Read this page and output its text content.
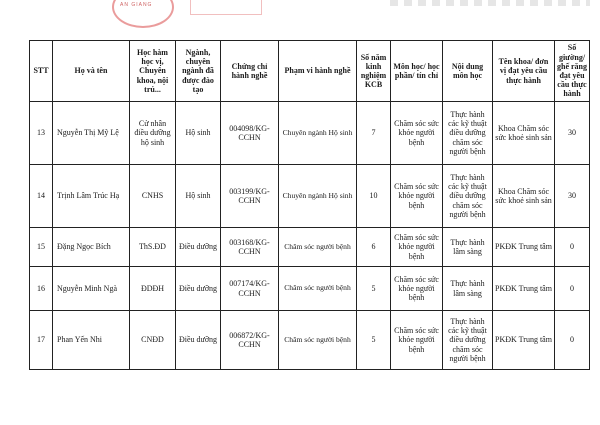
AN GIANG
STT	Họ và tên	Học hàm học vị, Chuyên khoa, nội trú...	Ngành, chuyên ngành đã được đào tạo	Chứng chỉ hành nghề	Phạm vi hành nghề	Số năm kinh nghiệm KCB	Môn học/ học phần/ tín chỉ	Nội dung môn học	Tên khoa/ đơn vị đạt yêu cầu thực hành	Số giường/ ghế răng đạt yêu cầu thực hành
13	Nguyễn Thị Mỹ Lệ	Cử nhân điều dưỡng hộ sinh	Hộ sinh	004098/KG-CCHN	Chuyên ngành Hộ sinh	7	Chăm sóc sức khỏe người bệnh	Thực hành các kỹ thuật điều dưỡng chăm sóc người bệnh	Khoa Chăm sóc sức khoẻ sinh sản	30
14	Trịnh Lâm Trúc Hạ	CNHS	Hộ sinh	003199/KG-CCHN	Chuyên ngành Hộ sinh	10	Chăm sóc sức khỏe người bệnh	Thực hành các kỹ thuật điều dưỡng chăm sóc người bệnh	Khoa Chăm sóc sức khoẻ sinh sản	30
15	Đặng Ngọc Bích	ThS.ĐD	Điều dưỡng	003168/KG-CCHN	Chăm sóc người bệnh	6	Chăm sóc sức khỏe người bệnh	Thực hành lâm sàng	PKĐK Trung tâm	0
16	Nguyễn Minh Ngà	ĐDĐH	Điều dưỡng	007174/KG-CCHN	Chăm sóc người bệnh	5	Chăm sóc sức khỏe người bệnh	Thực hành lâm sàng	PKĐK Trung tâm	0
17	Phan Yến Nhi	CNĐD	Điều dưỡng	006872/KG-CCHN	Chăm sóc người bệnh	5	Chăm sóc sức khỏe người bệnh	Thực hành các kỹ thuật điều dưỡng chăm sóc người bệnh	PKĐK Trung tâm	0
